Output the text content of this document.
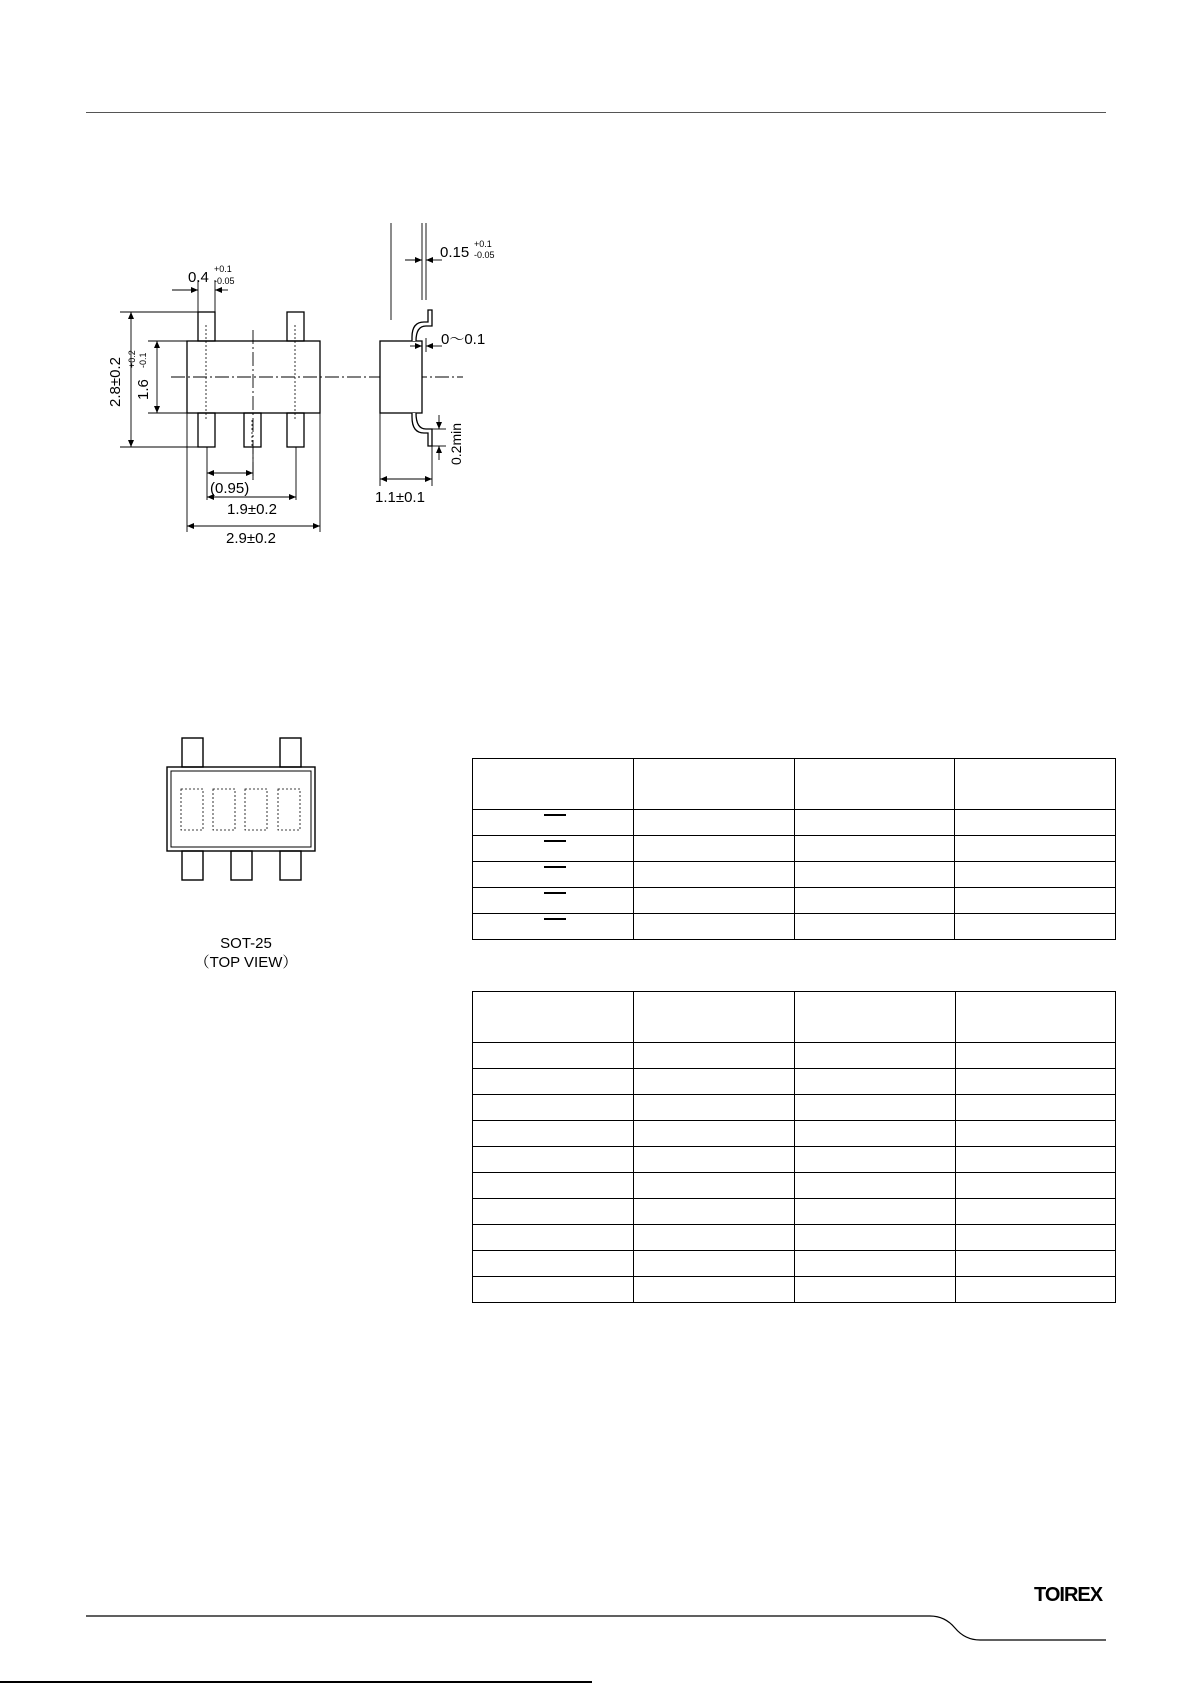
0.4 +0.1
-0.05
2.8±0.2 1.6
+0.2 -0.1
(0.95)
1.9±0.2
2.9±0.2
0.15 +0.1
-0.05
0～0.1
0.2min
1.1±0.1
SOT-25
（TOP VIEW）

TOIREX
